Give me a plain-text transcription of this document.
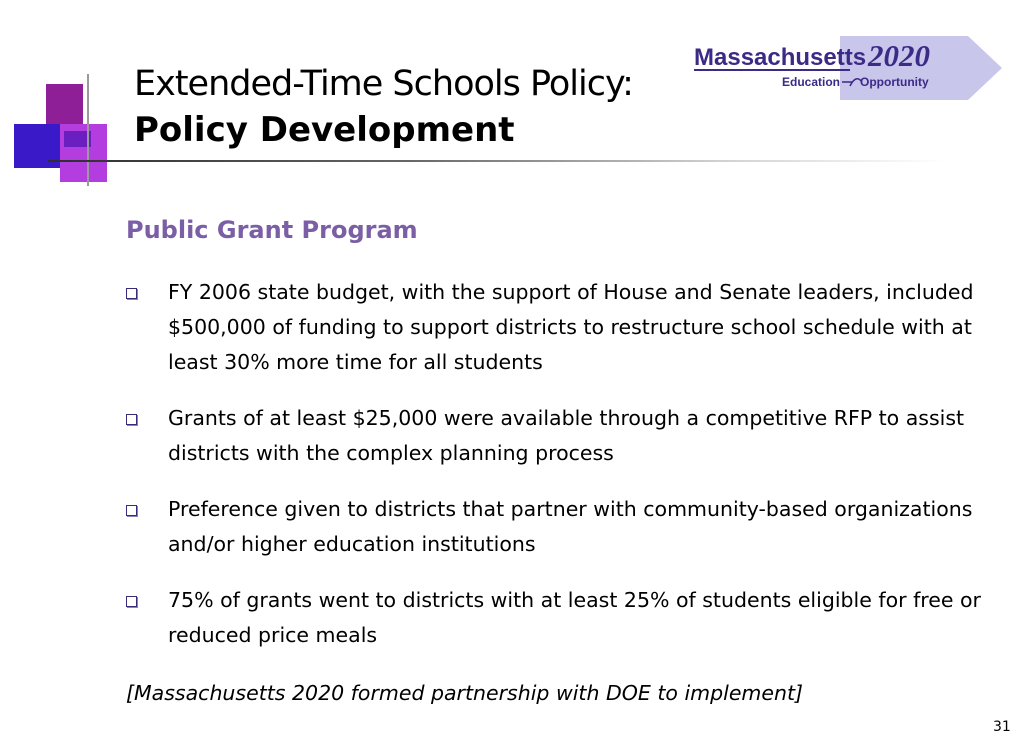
Extended-Time Schools Policy:
Policy Development
Massachusetts 2020
Education Opportunity
Public Grant Program
FY 2006 state budget, with the support of House and Senate leaders, included $500,000 of funding to support districts to restructure school schedule with at least 30% more time for all students
Grants of at least $25,000 were available through a competitive RFP to assist districts with the complex planning process
Preference given to districts that partner with community-based organizations and/or higher education institutions
75% of grants went to districts with at least 25% of students eligible for free or reduced price meals
[Massachusetts 2020 formed partnership with DOE to implement]
31
